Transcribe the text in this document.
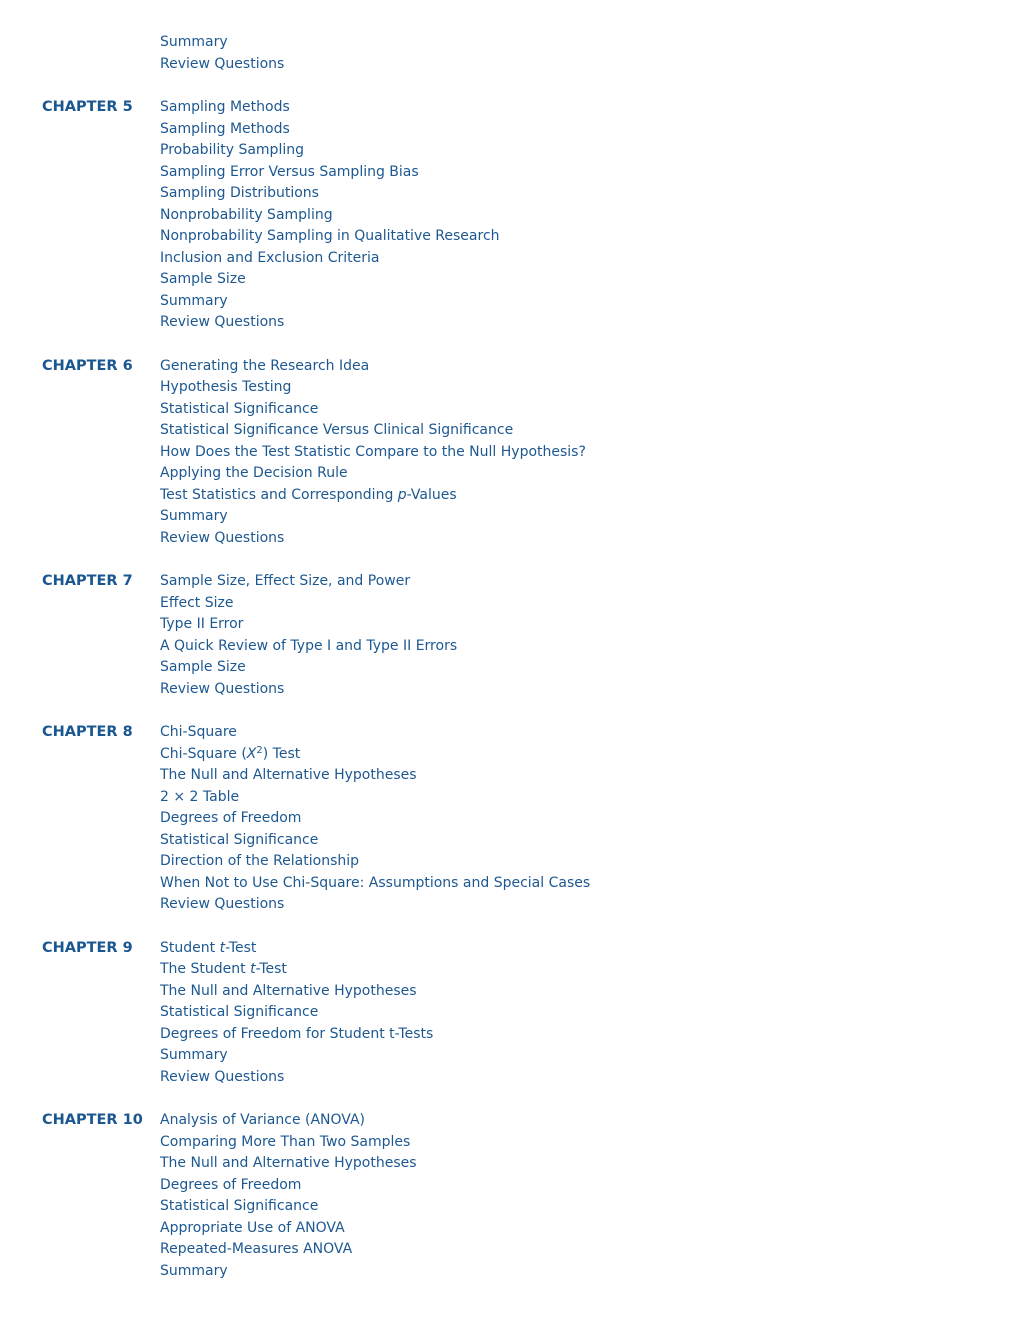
Summary
Review Questions
CHAPTER 5 Sampling Methods
Sampling Methods
Probability Sampling
Sampling Error Versus Sampling Bias
Sampling Distributions
Nonprobability Sampling
Nonprobability Sampling in Qualitative Research
Inclusion and Exclusion Criteria
Sample Size
Summary
Review Questions
CHAPTER 6 Generating the Research Idea
Hypothesis Testing
Statistical Significance
Statistical Significance Versus Clinical Significance
How Does the Test Statistic Compare to the Null Hypothesis?
Applying the Decision Rule
Test Statistics and Corresponding p-Values
Summary
Review Questions
CHAPTER 7 Sample Size, Effect Size, and Power
Effect Size
Type II Error
A Quick Review of Type I and Type II Errors
Sample Size
Review Questions
CHAPTER 8 Chi-Square
Chi-Square $(X^2)$ Test
The Null and Alternative Hypotheses
2 × 2 Table
Degrees of Freedom
Statistical Significance
Direction of the Relationship
When Not to Use Chi-Square: Assumptions and Special Cases
Review Questions
CHAPTER 9 Student t-Test
The Student t-Test
The Null and Alternative Hypotheses
Statistical Significance
Degrees of Freedom for Student t-Tests
Summary
Review Questions
CHAPTER 10 Analysis of Variance (ANOVA)
Comparing More Than Two Samples
The Null and Alternative Hypotheses
Degrees of Freedom
Statistical Significance
Appropriate Use of ANOVA
Repeated-Measures ANOVA
Summary
